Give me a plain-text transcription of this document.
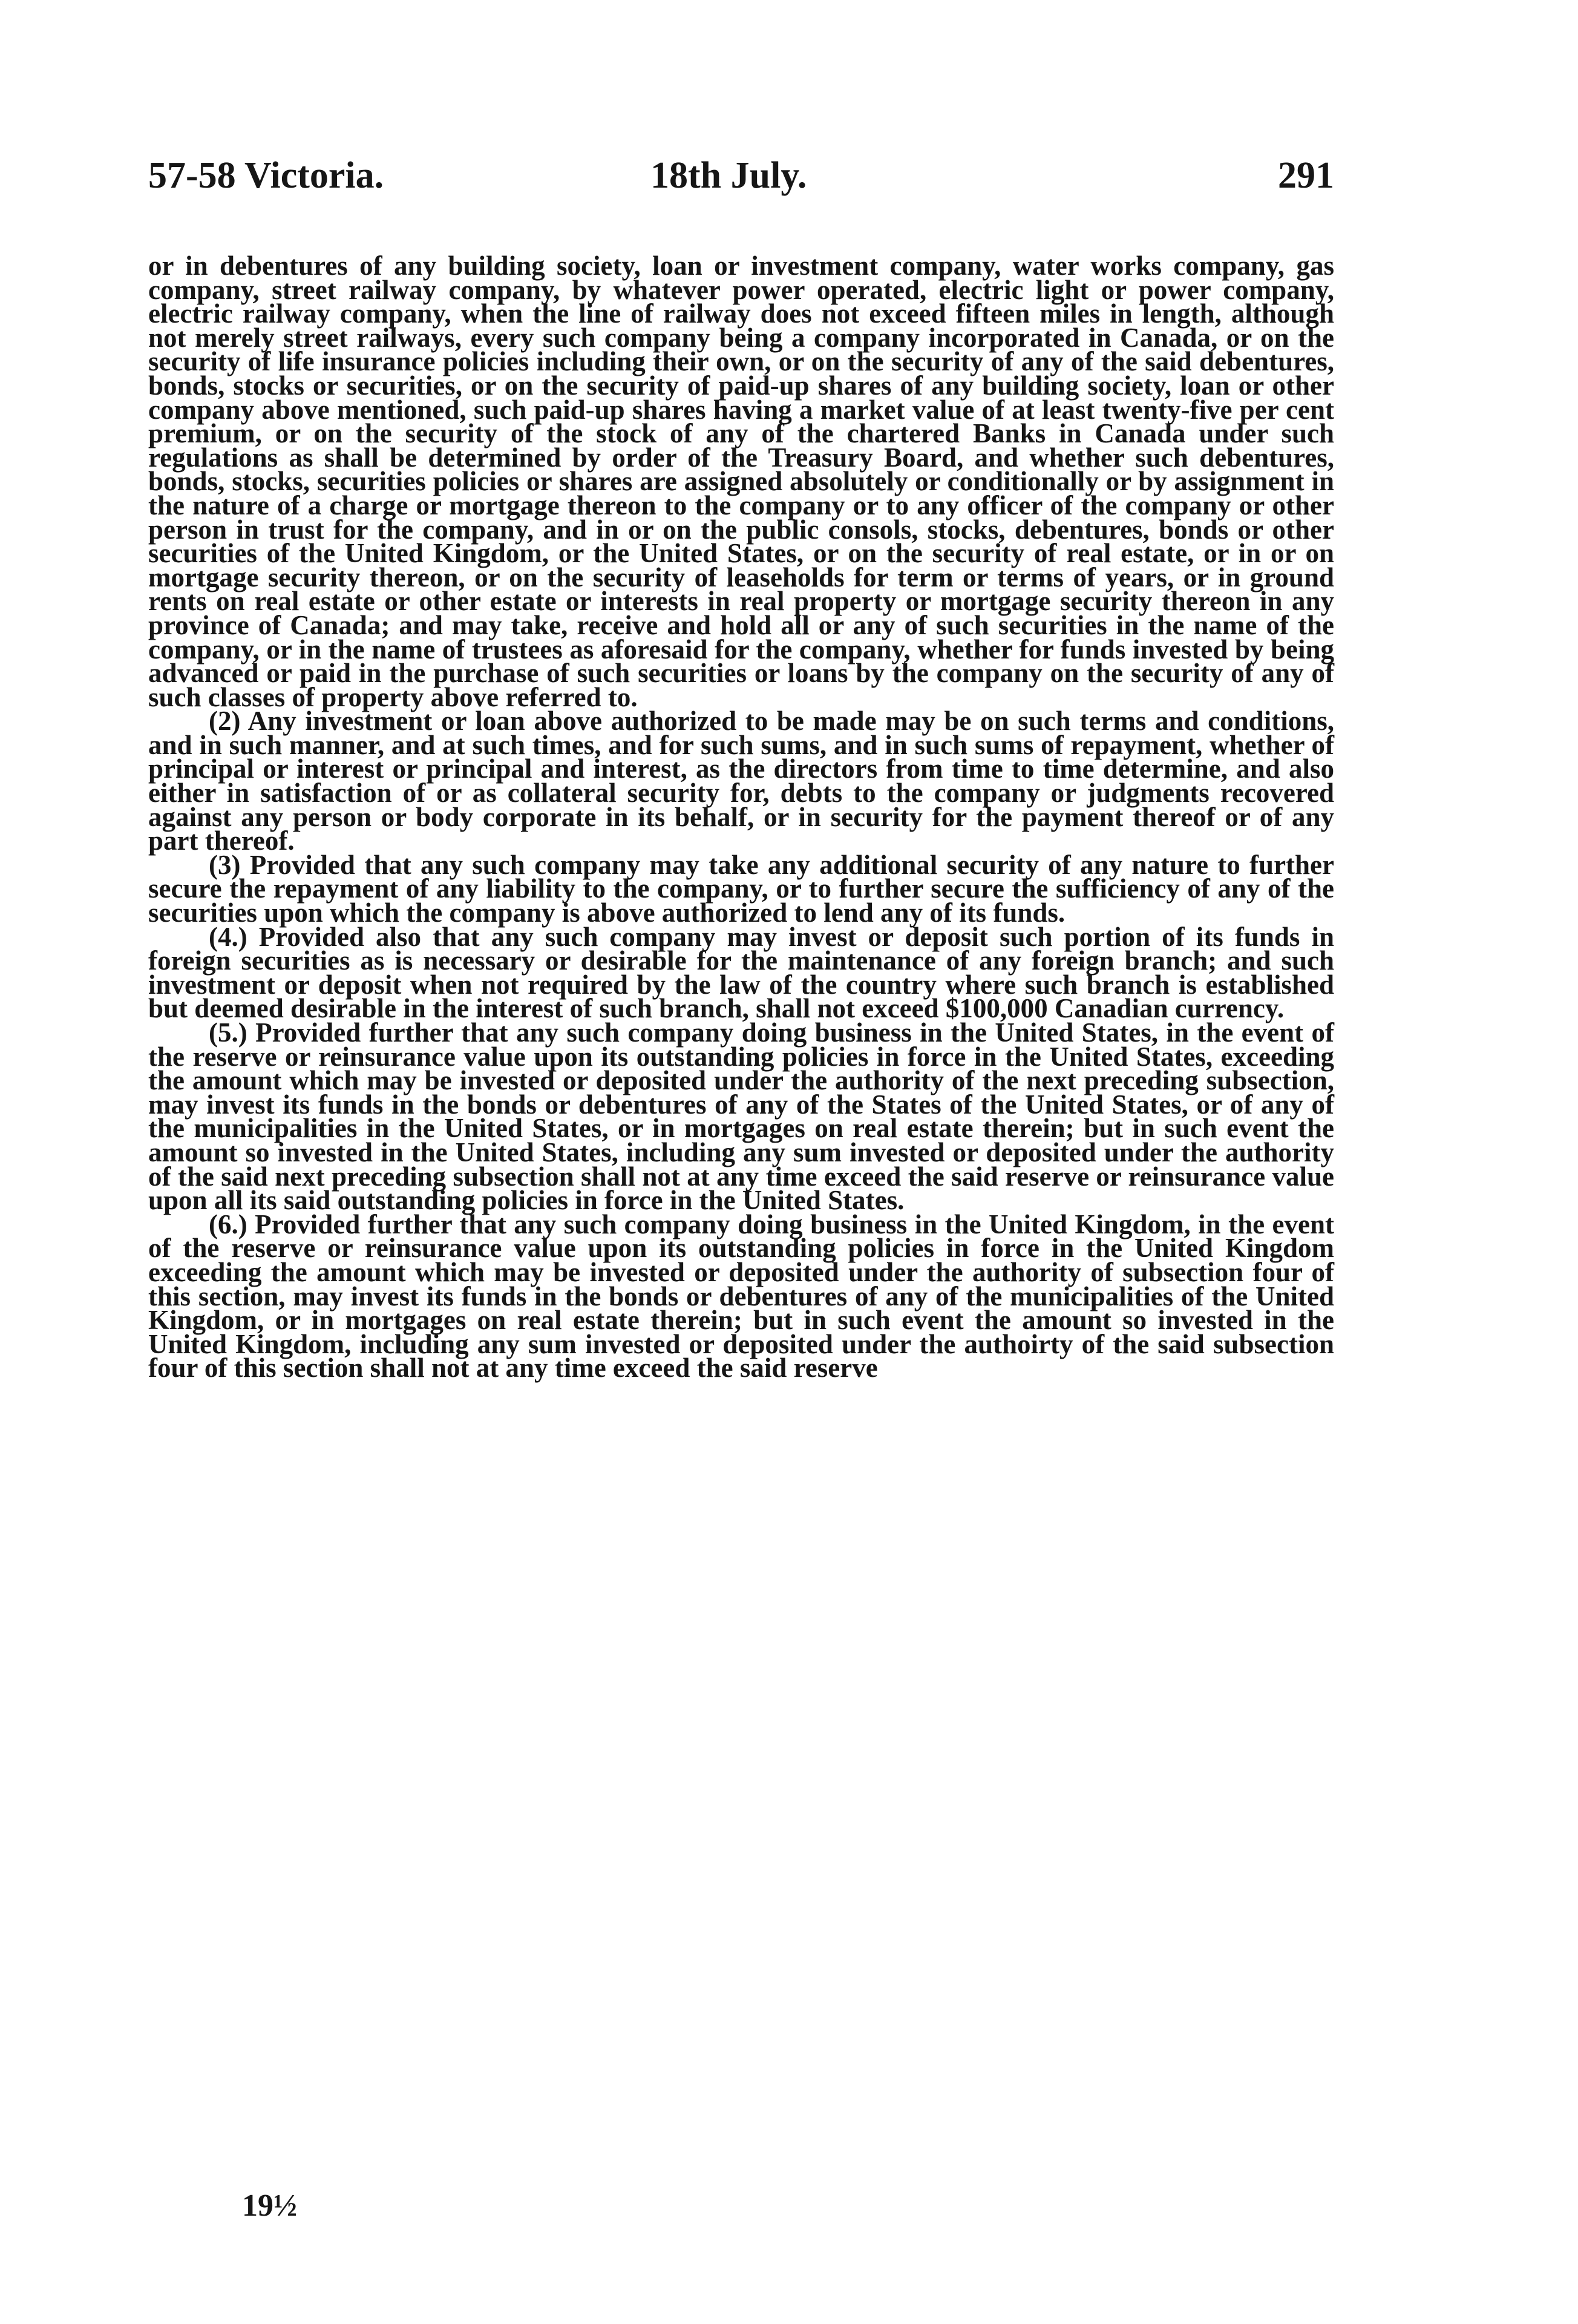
57-58 Victoria.	18th July.	291

or in debentures of any building society, loan or investment company, water works company, gas company, street railway company, by whatever power operated, electric light or power company, electric railway company, when the line of railway does not exceed fifteen miles in length, although not merely street railways, every such company being a company incorporated in Canada, or on the security of life insurance policies including their own, or on the security of any of the said debentures, bonds, stocks or securities, or on the security of paid-up shares of any building society, loan or other company above mentioned, such paid-up shares having a market value of at least twenty-five per cent premium, or on the security of the stock of any of the chartered Banks in Canada under such regulations as shall be determined by order of the Treasury Board, and whether such debentures, bonds, stocks, securities policies or shares are assigned absolutely or conditionally or by assignment in the nature of a charge or mortgage thereon to the company or to any officer of the company or other person in trust for the company, and in or on the public consols, stocks, debentures, bonds or other securities of the United Kingdom, or the United States, or on the security of real estate, or in or on mortgage security thereon, or on the security of leaseholds for term or terms of years, or in ground rents on real estate or other estate or interests in real property or mortgage security thereon in any province of Canada; and may take, receive and hold all or any of such securities in the name of the company, or in the name of trustees as aforesaid for the company, whether for funds invested by being advanced or paid in the purchase of such securities or loans by the company on the security of any of such classes of property above referred to.

(2) Any investment or loan above authorized to be made may be on such terms and conditions, and in such manner, and at such times, and for such sums, and in such sums of repayment, whether of principal or interest or principal and interest, as the directors from time to time determine, and also either in satisfaction of or as collateral security for, debts to the company or judgments recovered against any person or body corporate in its behalf, or in security for the payment thereof or of any part thereof.

(3) Provided that any such company may take any additional security of any nature to further secure the repayment of any liability to the company, or to further secure the sufficiency of any of the securities upon which the company is above authorized to lend any of its funds.

(4.) Provided also that any such company may invest or deposit such portion of its funds in foreign securities as is necessary or desirable for the maintenance of any foreign branch; and such investment or deposit when not required by the law of the country where such branch is established but deemed desirable in the interest of such branch, shall not exceed $100,000 Canadian currency.

(5.) Provided further that any such company doing business in the United States, in the event of the reserve or reinsurance value upon its outstanding policies in force in the United States, exceeding the amount which may be invested or deposited under the authority of the next preceding subsection, may invest its funds in the bonds or debentures of any of the States of the United States, or of any of the municipalities in the United States, or in mortgages on real estate therein; but in such event the amount so invested in the United States, including any sum invested or deposited under the authority of the said next preceding subsection shall not at any time exceed the said reserve or reinsurance value upon all its said outstanding policies in force in the United States.

(6.) Provided further that any such company doing business in the United Kingdom, in the event of the reserve or reinsurance value upon its outstanding policies in force in the United Kingdom exceeding the amount which may be invested or deposited under the authority of subsection four of this section, may invest its funds in the bonds or debentures of any of the municipalities of the United Kingdom, or in mortgages on real estate therein; but in such event the amount so invested in the United Kingdom, including any sum invested or deposited under the authoirty of the said subsection four of this section shall not at any time exceed the said reserve

19½
